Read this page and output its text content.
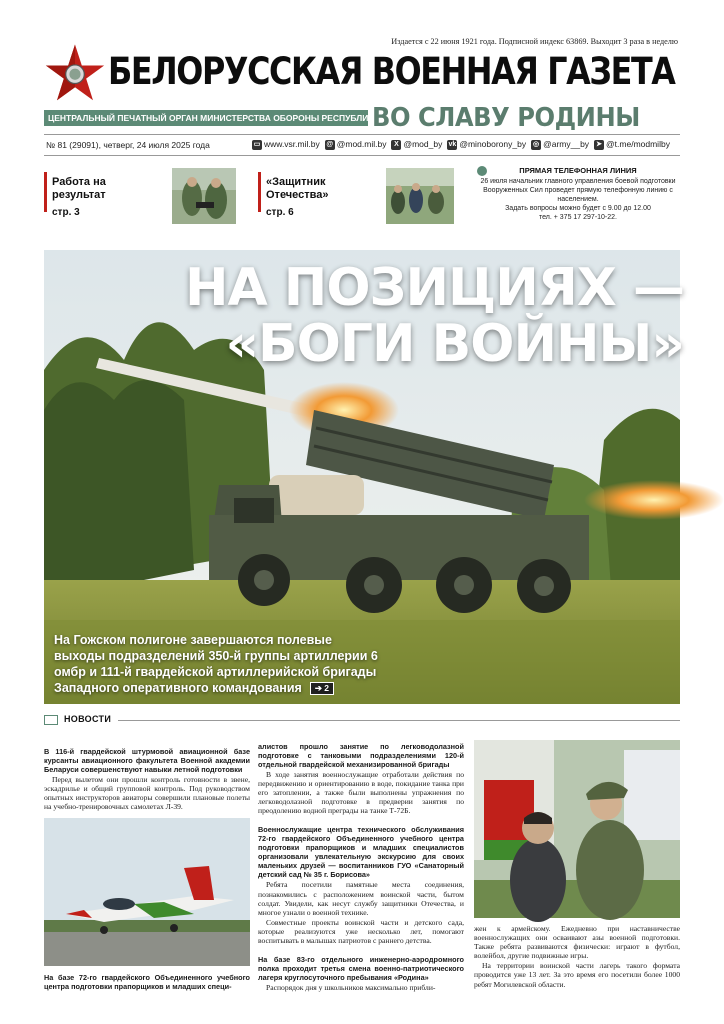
Издается с 22 июня 1921 года. Подписной индекс 63869. Выходит 3 раза в неделю
БЕЛОРУССКАЯ ВОЕННАЯ ГАЗЕТА
ЦЕНТРАЛЬНЫЙ ПЕЧАТНЫЙ ОРГАН МИНИСТЕРСТВА ОБОРОНЫ РЕСПУБЛИКИ БЕЛАРУСЬ
ВО СЛАВУ РОДИНЫ
№ 81 (29091), четверг, 24 июля 2025 года	▭ www.vsr.mil.by @ @mod.mil.by	X @mod_by vk @minoborony_by ◎ @army__by ➤ @t.me/modmilby
Работа на результат
стр. 3
«Защитник Отечества»
стр. 6
ПРЯМАЯ ТЕЛЕФОННАЯ ЛИНИЯ
26 июля начальник главного управления боевой подготовки Вооруженных Сил проведет прямую телефонную линию с населением.
Задать вопросы можно будет с 9.00 до 12.00
тел. + 375 17 297-10-22.
НА ПОЗИЦИЯХ —
«БОГИ ВОЙНЫ»
На Гожском полигоне завершаются полевые выходы подразделений 350-й группы артиллерии 6 омбр и 111-й гвардейской артиллерийской бригады Западного оперативного командования ➔ 2
НОВОСТИ

В 116-й гвардейской штурмовой авиационной базе курсанты авиационного факультета Военной академии Беларуси совершенствуют навыки летной подготовки

Перед вылетом они прошли контроль готовности в звене, эскадрилье и общий групповой контроль. Под руководством опытных инструкторов авиаторы совершили плановые полеты на учебно-тренировочных самолетах Л-39.

На базе 72-го гвардейского Объединенного учебного центра подготовки прапорщиков и младших специ-

алистов прошло занятие по легководолазной подготовке с танковыми подразделениями 120-й отдельной гвардейской механизированной бригады

В ходе занятия военнослужащие отработали действия по передвижению и ориентированию в воде, покидание танка при его затоплении, а также были выполнены упражнения по легководолазной подготовке в предверии занятия по преодолению водной преграды на танке Т-72Б.

Военнослужащие центра технического обслуживания 72-го гвардейского Объединенного учебного центра подготовки прапорщиков и младших специалистов организовали увлекательную экскурсию для своих маленьких друзей — воспитанников ГУО «Санаторный детский сад № 35 г. Борисова»

Ребята посетили памятные места соединения, познакомились с расположением воинской части, бытом солдат. Увидели, как несут службу защитники Отечества, и многое узнали о военной технике.

Совместные проекты воинской части и детского сада, которые реализуются уже несколько лет, помогают воспитывать в малышах патриотов с раннего детства.

На базе 83-го отдельного инженерно-аэродромного полка проходит третья смена военно-патриотического лагеря круглосуточного пребывания «Родина»

Распорядок дня у школьников максимально прибли-

жен к армейскому. Ежедневно при наставничестве военнослужащих они осваивают азы военной подготовки. Также ребята развиваются физически: играют в футбол, волейбол, другие подвижные игры.

На территории воинской части лагерь такого формата проводится уже 13 лет. За это время его посетили более 1000 ребят Могилевской области.
